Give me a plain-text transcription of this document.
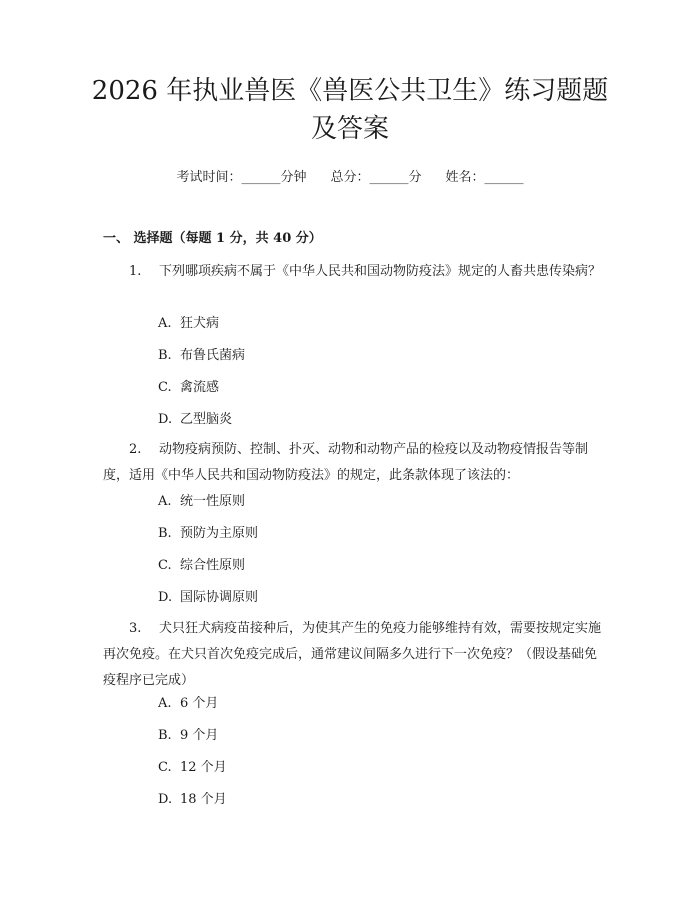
2026 年执业兽医《兽医公共卫生》练习题题
及答案
考试时间：______分钟 总分：______分 姓名：______
一、 选择题（每题 1 分，共 40 分）
1. 下列哪项疾病不属于《中华人民共和国动物防疫法》规定的人畜共患传染病？
A. 狂犬病
B. 布鲁氏菌病
C. 禽流感
D. 乙型脑炎
2. 动物疫病预防、控制、扑灭、动物和动物产品的检疫以及动物疫情报告等制度，适用《中华人民共和国动物防疫法》的规定，此条款体现了该法的：
A. 统一性原则
B. 预防为主原则
C. 综合性原则
D. 国际协调原则
3. 犬只狂犬病疫苗接种后，为使其产生的免疫力能够维持有效，需要按规定实施再次免疫。在犬只首次免疫完成后，通常建议间隔多久进行下一次免疫？（假设基础免疫程序已完成）
A. 6 个月
B. 9 个月
C. 12 个月
D. 18 个月
